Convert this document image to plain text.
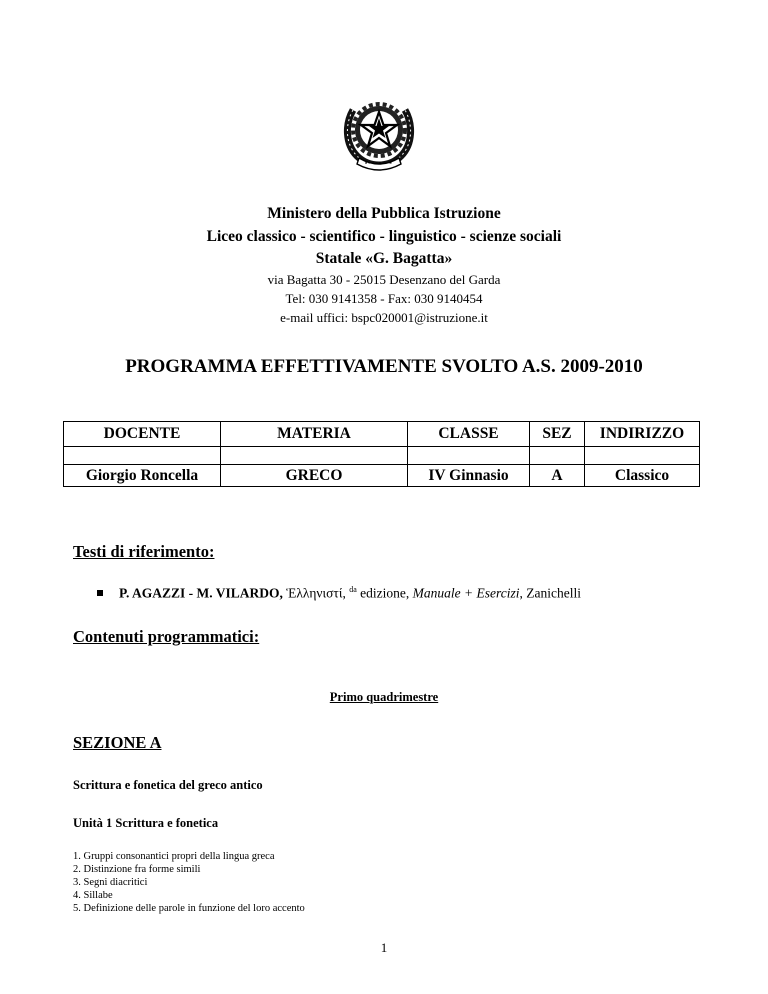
Ministero della Pubblica Istruzione
Liceo classico - scientifico - linguistico - scienze sociali
Statale «G. Bagatta»
via Bagatta 30 - 25015 Desenzano del Garda
Tel: 030 9141358 - Fax: 030 9140454
e-mail uffici: bspc020001@istruzione.it
PROGRAMMA EFFETTIVAMENTE SVOLTO A.S. 2009-2010
DOCENTE	MATERIA	CLASSE	SEZ	INDIRIZZO

Giorgio Roncella	GRECO	IV Ginnasio	A	Classico
Testi di riferimento:
P. AGAZZI - M. VILARDO, Ἑλληνιστί, $^{da}$ edizione, Manuale + Esercizi, Zanichelli
Contenuti programmatici:
Primo quadrimestre
SEZIONE A
Scrittura e fonetica del greco antico
Unità 1 Scrittura e fonetica
1. Gruppi consonantici propri della lingua greca
2. Distinzione fra forme simili
3. Segni diacritici
4. Sillabe
5. Definizione delle parole in funzione del loro accento
1
